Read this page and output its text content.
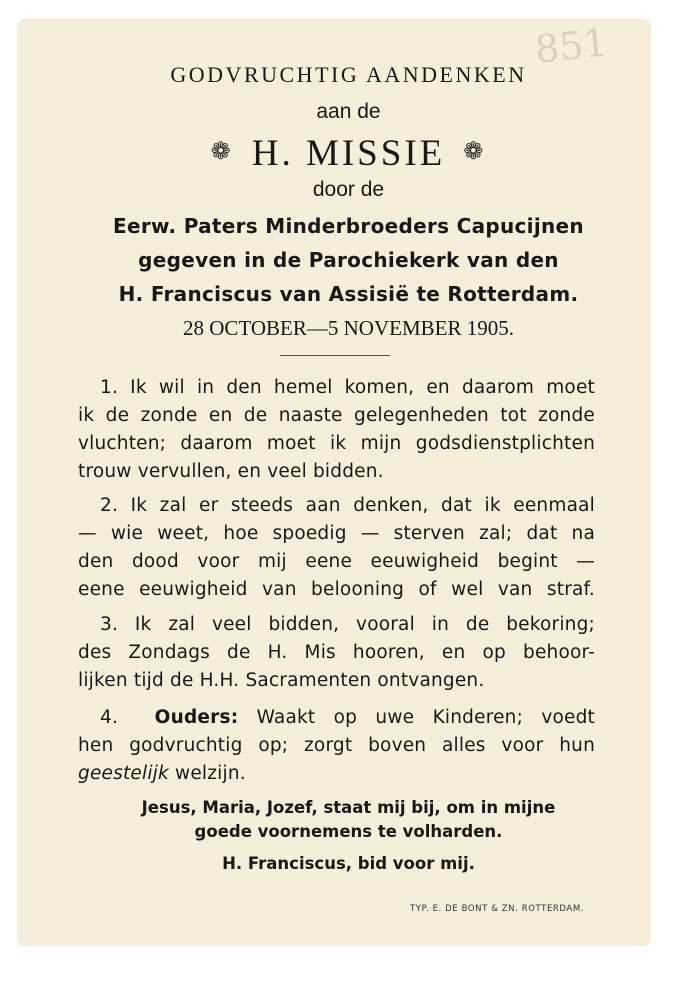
851
GODVRUCHTIG AANDENKEN
aan de
❁ H. MISSIE ❁
door de
Eerw. Paters Minderbroeders Capucijnen
gegeven in de Parochiekerk van den
H. Franciscus van Assisië te Rotterdam.
28 OCTOBER—5 NOVEMBER 1905.
1. Ik wil in den hemel komen, en daarom moet
ik de zonde en de naaste gelegenheden tot zonde
vluchten; daarom moet ik mijn godsdienstplichten
trouw vervullen, en veel bidden.
2. Ik zal er steeds aan denken, dat ik eenmaal
— wie weet, hoe spoedig — sterven zal; dat na
den dood voor mij eene eeuwigheid begint —
eene eeuwigheid van belooning of wel van straf.
3. Ik zal veel bidden, vooral in de bekoring;
des Zondags de H. Mis hooren, en op behoor-
lijken tijd de H.H. Sacramenten ontvangen.
4. Ouders: Waakt op uwe Kinderen; voedt
hen godvruchtig op; zorgt boven alles voor hun
geestelijk welzijn.
Jesus, Maria, Jozef, staat mij bij, om in mijne
goede voornemens te volharden.
H. Franciscus, bid voor mij.
TYP. E. DE BONT & ZN. ROTTERDAM.
